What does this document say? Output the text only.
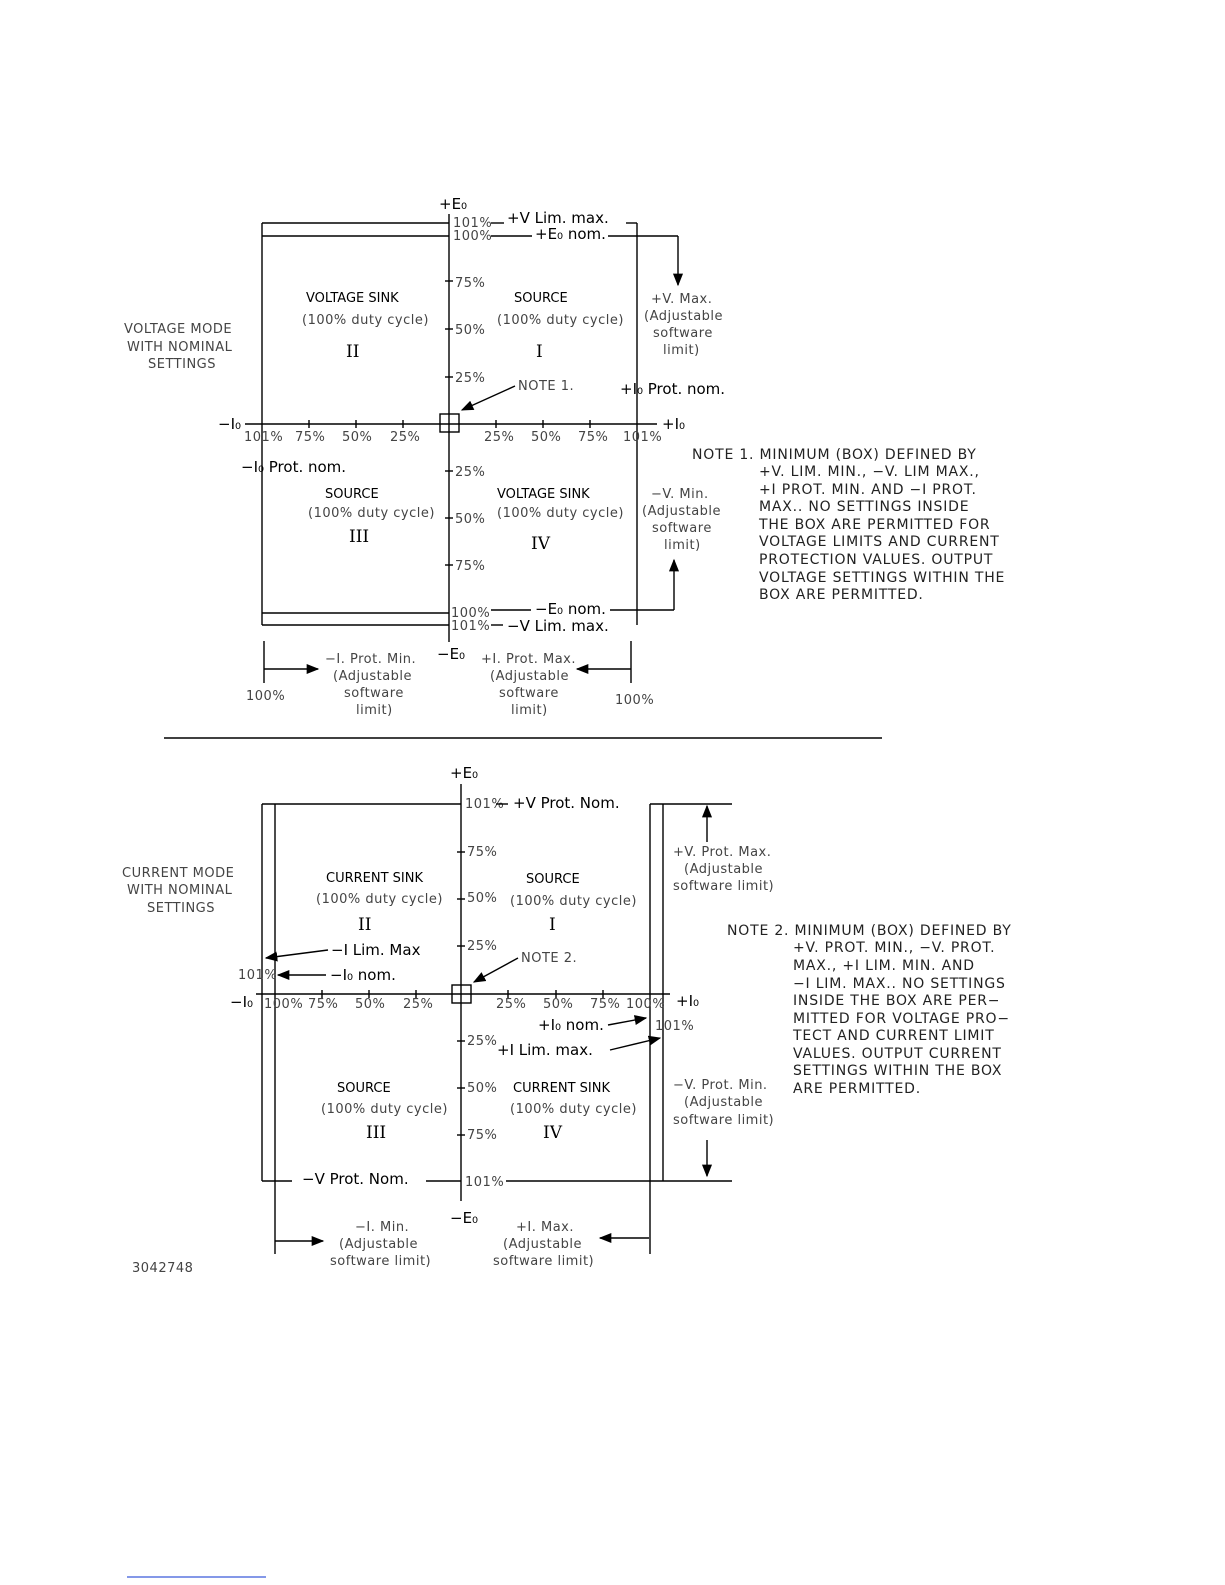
+E₀
−E₀
+I₀
−I₀
101%
100%
75%
50%
25%
25%
50%
75%
100%
101%
101% 75% 50% 25%	25% 50% 75% 101%
NOTE 1.
+V Lim. max.
+E₀ nom.
+V. Max.
(Adjustable
software
limit)
+I₀ Prot. nom.
−I₀ Prot. nom.
−E₀ nom.
−V Lim. max.
−V. Min.
(Adjustable
software
limit)
100%	100%
−I. Prot. Min.
(Adjustable
software
limit)
+I. Prot. Max.
(Adjustable
software
limit)
VOLTAGE MODE
WITH NOMINAL
SETTINGS
VOLTAGE SINK
(100% duty cycle)
II
SOURCE
(100% duty cycle)
I
SOURCE
(100% duty cycle)
III
VOLTAGE SINK
(100% duty cycle)
IV
NOTE 1. MINIMUM (BOX) DEFINED BY
+V. LIM. MIN., −V. LIM MAX.,
+I PROT. MIN. AND −I PROT.
MAX.. NO SETTINGS INSIDE
THE BOX ARE PERMITTED FOR
VOLTAGE LIMITS AND CURRENT
PROTECTION VALUES. OUTPUT
VOLTAGE SETTINGS WITHIN THE
BOX ARE PERMITTED.
+E₀
−E₀
+I₀
−I₀
101%
75%
50%
25%
25%
50%
75%
101%
100% 75% 50% 25%	25% 50% 75% 100%
NOTE 2.
+V Prot. Nom.
+V. Prot. Max.
(Adjustable
software limit)
−I Lim. Max
−I₀ nom.
101%
+I₀ nom.
+I Lim. max.
101%
−V Prot. Nom.
−V. Prot. Min.
(Adjustable
software limit)
−I. Min.
(Adjustable
software limit)
+I. Max.
(Adjustable
software limit)
CURRENT MODE
WITH NOMINAL
SETTINGS
CURRENT SINK
(100% duty cycle)
II
SOURCE
(100% duty cycle)
I
SOURCE
(100% duty cycle)
III
CURRENT SINK
(100% duty cycle)
IV
NOTE 2. MINIMUM (BOX) DEFINED BY
+V. PROT. MIN., −V. PROT.
MAX., +I LIM. MIN. AND
−I LIM. MAX.. NO SETTINGS
INSIDE THE BOX ARE PER−
MITTED FOR VOLTAGE PRO−
TECT AND CURRENT LIMIT
VALUES. OUTPUT CURRENT
SETTINGS WITHIN THE BOX
ARE PERMITTED.
3042748
